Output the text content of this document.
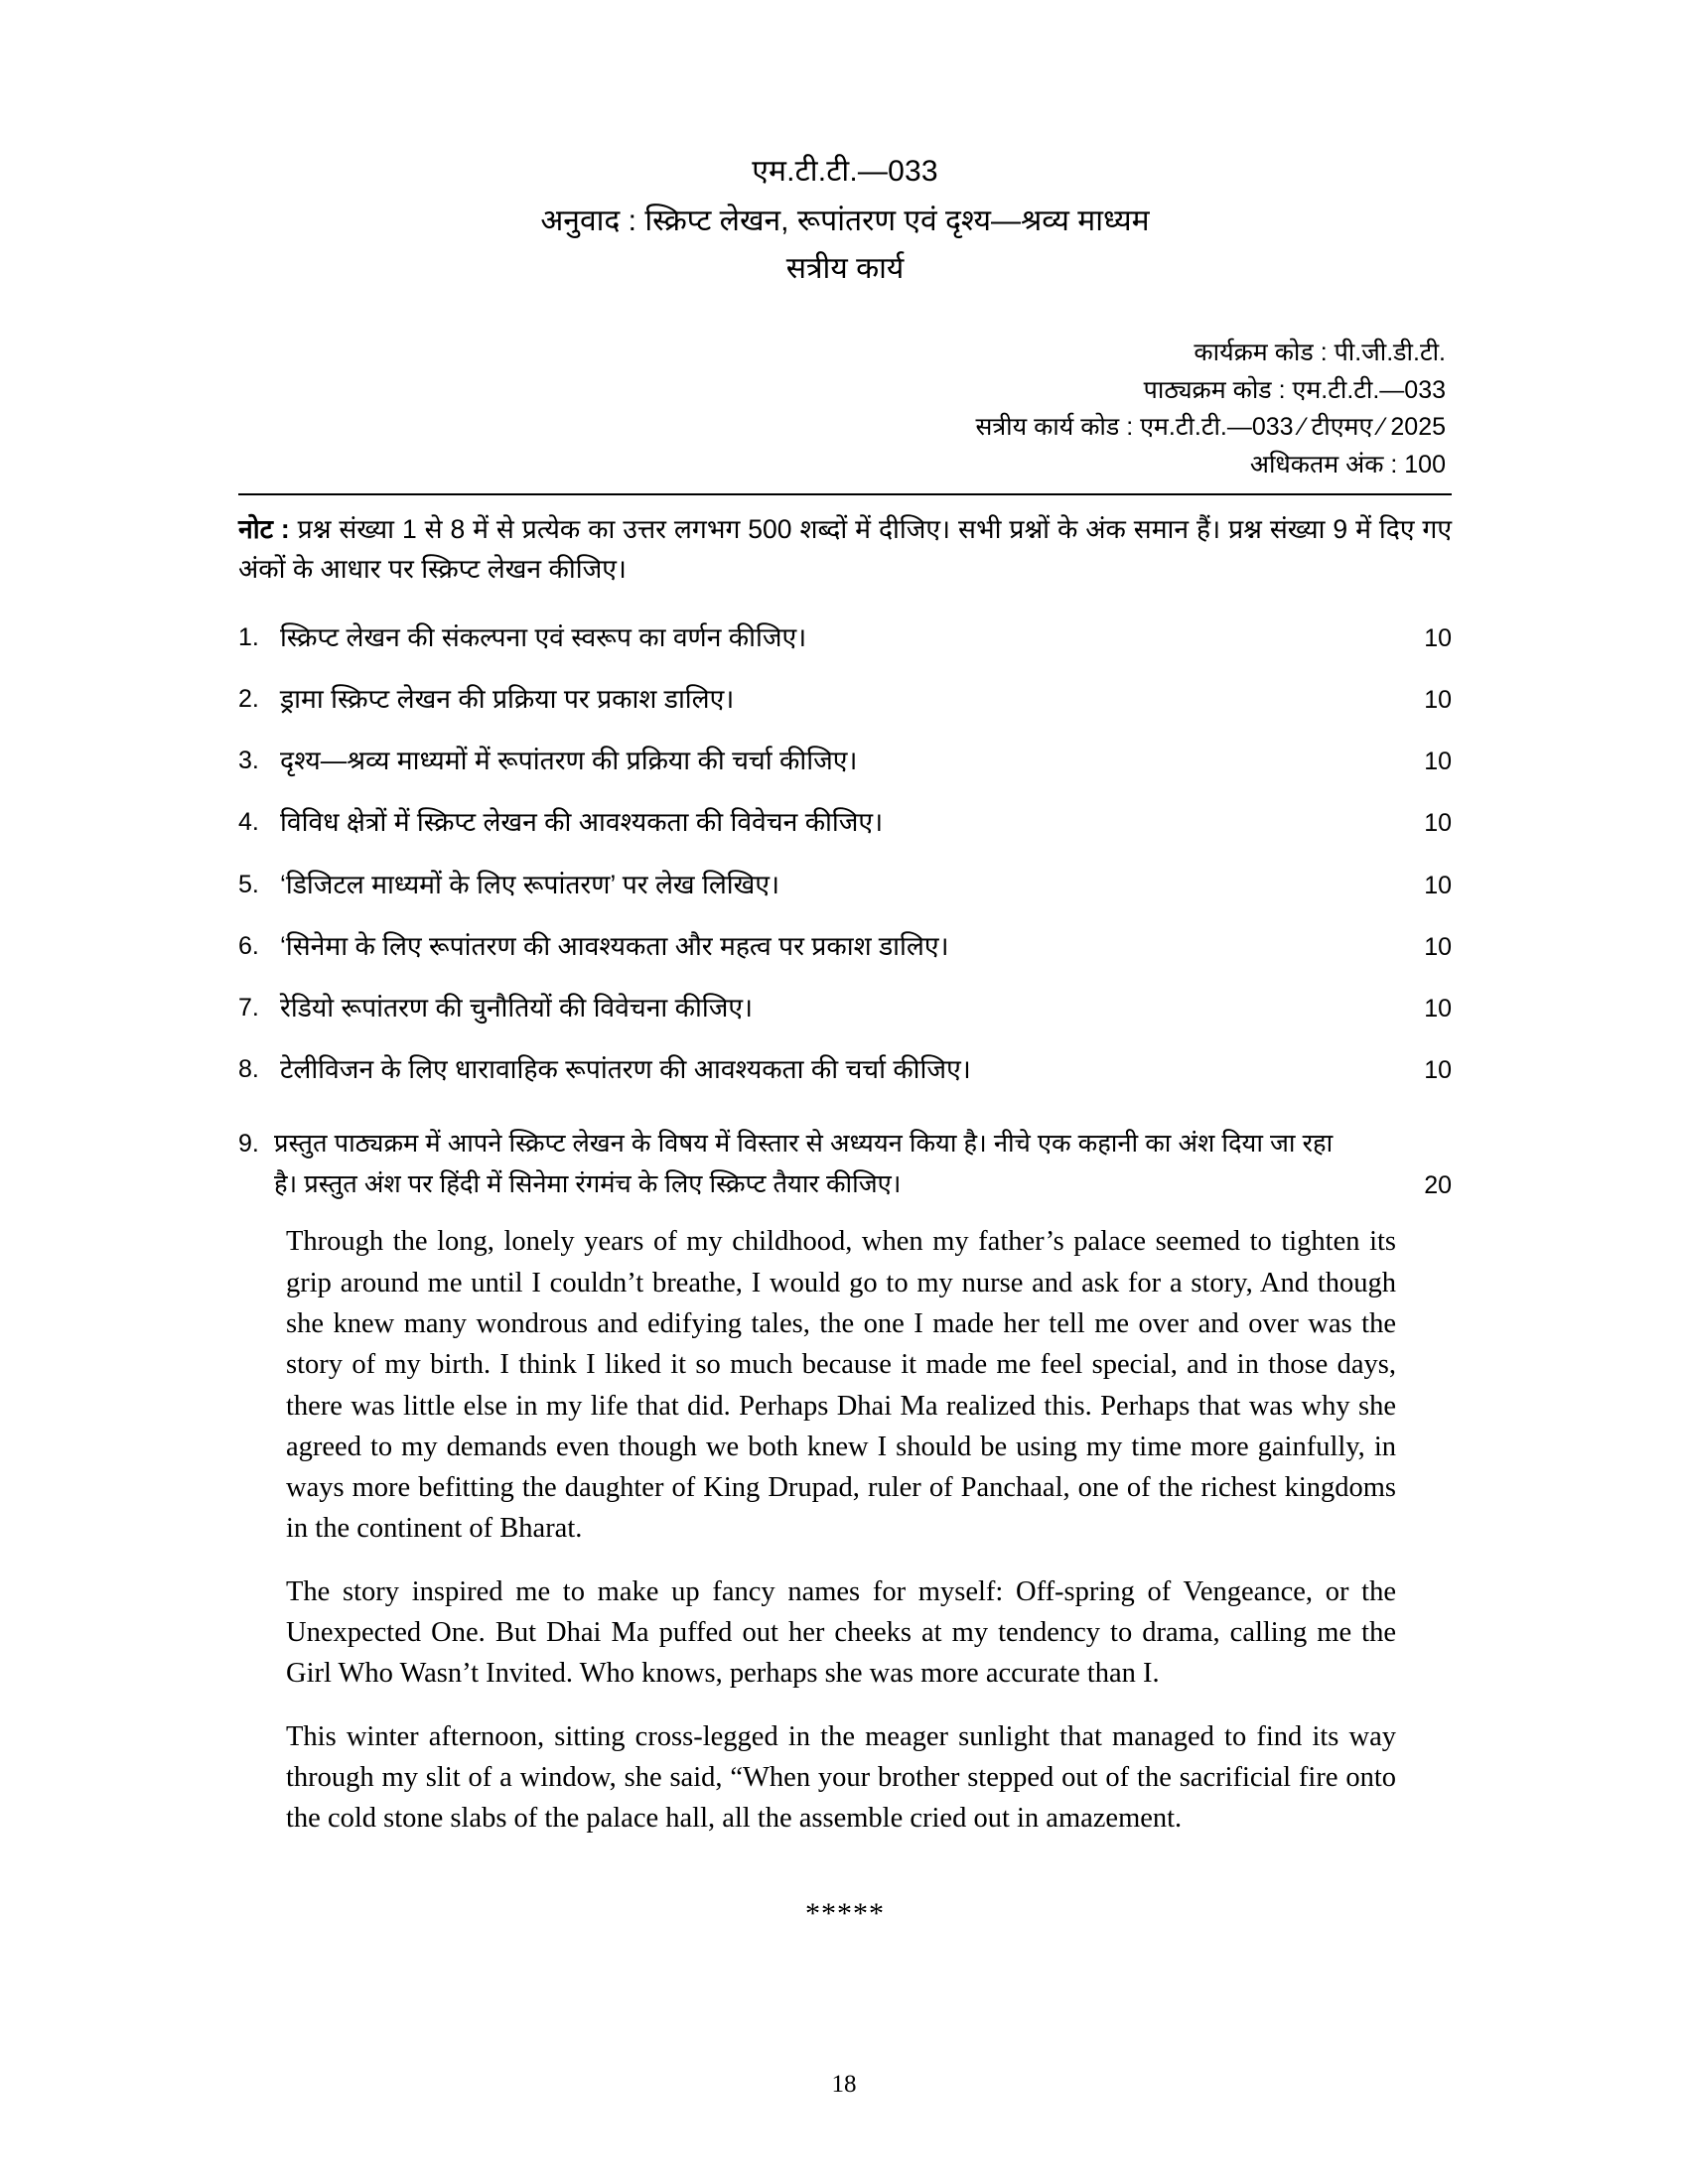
एम.टी.टी.—033
अनुवाद : स्क्रिप्ट लेखन, रूपांतरण एवं दृश्य—श्रव्य माध्यम
सत्रीय कार्य
कार्यक्रम कोड : पी.जी.डी.टी.
पाठ्यक्रम कोड : एम.टी.टी.—033
सत्रीय कार्य कोड : एम.टी.टी.—033 ⁄ टीएमए ⁄ 2025
अधिकतम अंक : 100
नोट : प्रश्न संख्या 1 से 8 में से प्रत्येक का उत्तर लगभग 500 शब्दों में दीजिए। सभी प्रश्नों के अंक समान हैं। प्रश्न संख्या 9 में दिए गए अंकों के आधार पर स्क्रिप्ट लेखन कीजिए।
1. स्क्रिप्ट लेखन की संकल्पना एवं स्वरूप का वर्णन कीजिए।	10
2. ड्रामा स्क्रिप्ट लेखन की प्रक्रिया पर प्रकाश डालिए।	10
3. दृश्य—श्रव्य माध्यमों में रूपांतरण की प्रक्रिया की चर्चा कीजिए।	10
4. विविध क्षेत्रों में स्क्रिप्ट लेखन की आवश्यकता की विवेचन कीजिए।	10
5. ‘डिजिटल माध्यमों के लिए रूपांतरण’ पर लेख लिखिए।	10
6. ‘सिनेमा के लिए रूपांतरण की आवश्यकता और महत्व पर प्रकाश डालिए।	10
7. रेडियो रूपांतरण की चुनौतियों की विवेचना कीजिए।	10
8. टेलीविजन के लिए धारावाहिक रूपांतरण की आवश्यकता की चर्चा कीजिए।	10
9. प्रस्तुत पाठ्यक्रम में आपने स्क्रिप्ट लेखन के विषय में विस्तार से अध्ययन किया है। नीचे एक कहानी का अंश दिया जा रहा है। प्रस्तुत अंश पर हिंदी में सिनेमा रंगमंच के लिए स्क्रिप्ट तैयार कीजिए।	20

Through the long, lonely years of my childhood, when my father’s palace seemed to tighten its grip around me until I couldn’t breathe, I would go to my nurse and ask for a story, And though she knew many wondrous and edifying tales, the one I made her tell me over and over was the story of my birth. I think I liked it so much because it made me feel special, and in those days, there was little else in my life that did. Perhaps Dhai Ma realized this. Perhaps that was why she agreed to my demands even though we both knew I should be using my time more gainfully, in ways more befitting the daughter of King Drupad, ruler of Panchaal, one of the richest kingdoms in the continent of Bharat.

The story inspired me to make up fancy names for myself: Off-spring of Vengeance, or the Unexpected One. But Dhai Ma puffed out her cheeks at my tendency to drama, calling me the Girl Who Wasn’t Invited. Who knows, perhaps she was more accurate than I.

This winter afternoon, sitting cross-legged in the meager sunlight that managed to find its way through my slit of a window, she said, “When your brother stepped out of the sacrificial fire onto the cold stone slabs of the palace hall, all the assemble cried out in amazement.

*****
18
